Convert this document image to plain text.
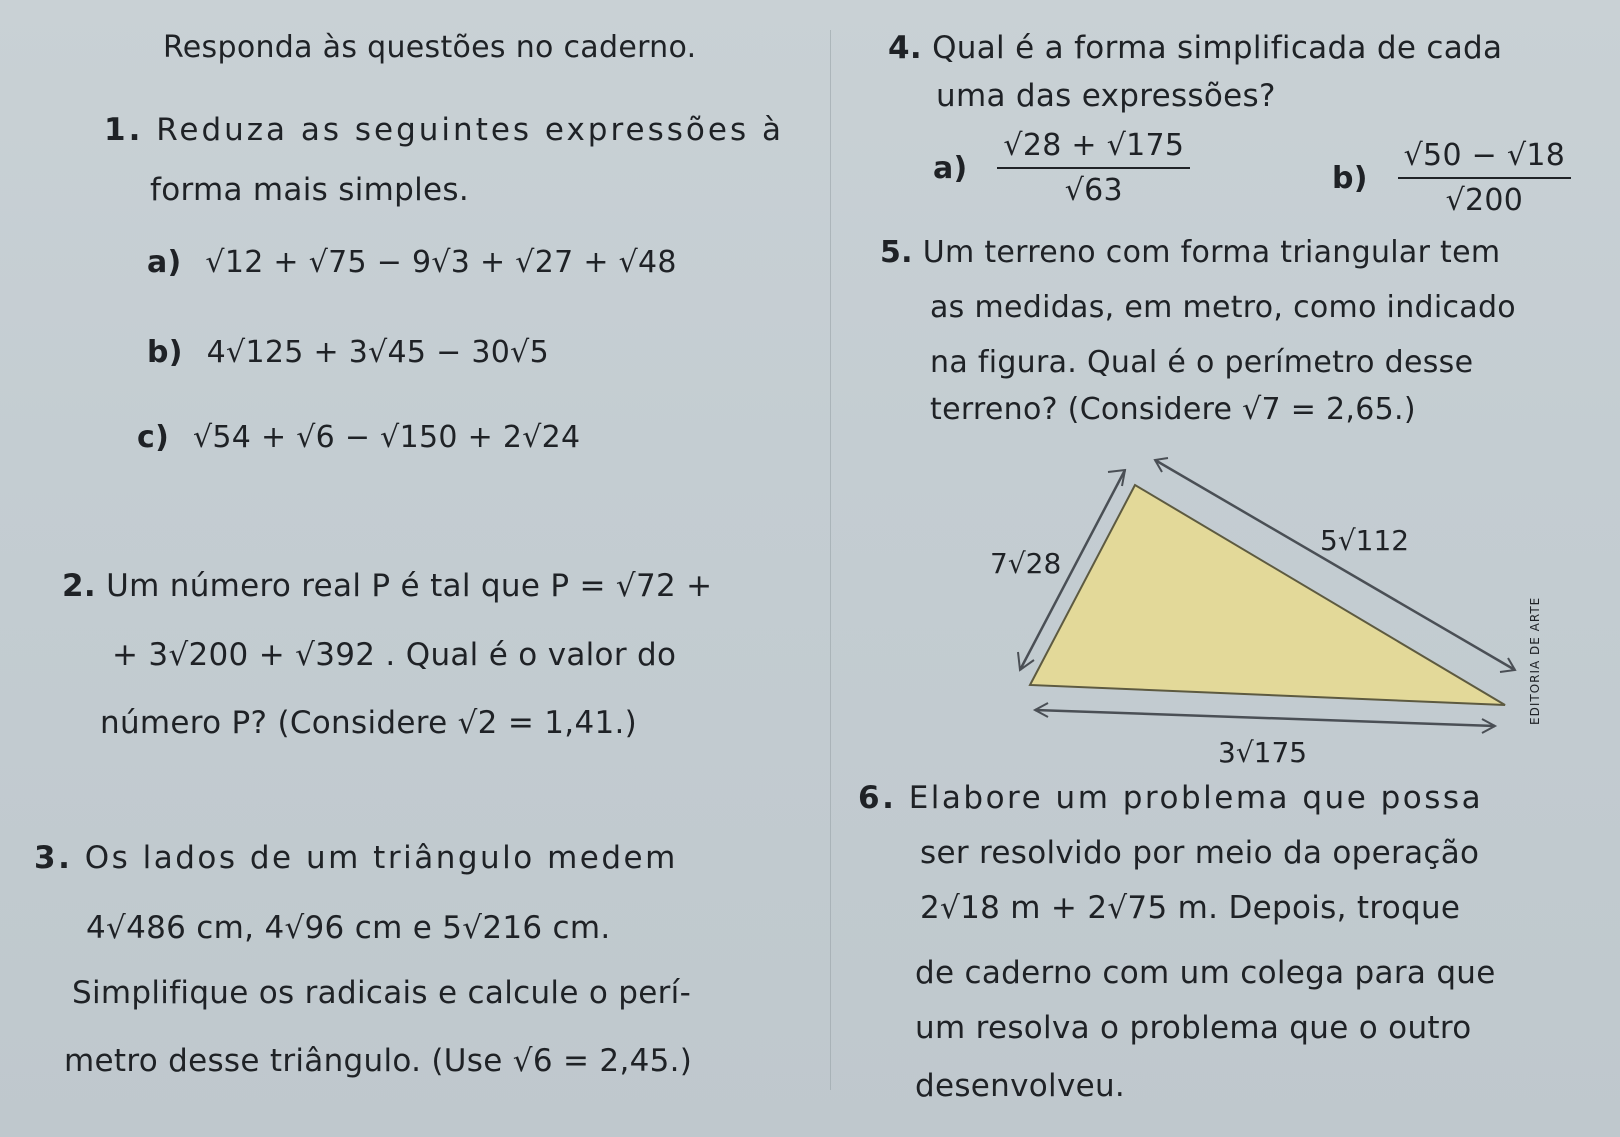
Responda às questões no caderno.
1. Reduza as seguintes expressões à
forma mais simples.
a) √12 + √75 − 9√3 + √27 + √48
b) 4√125 + 3√45 − 30√5
c) √54 + √6 − √150 + 2√24
2. Um número real P é tal que P = √72 +
+ 3√200 + √392 . Qual é o valor do
número P? (Considere √2 = 1,41.)
3. Os lados de um triângulo medem
4√486 cm, 4√96 cm e 5√216 cm.
Simplifique os radicais e calcule o perí-
metro desse triângulo. (Use √6 = 2,45.)
4. Qual é a forma simplificada de cada
uma das expressões?
$a) \frac{√28 + √175}{√63}$	$b) \frac{√50 - √18}{√200}$
5. Um terreno com forma triangular tem
as medidas, em metro, como indicado
na figura. Qual é o perímetro desse
terreno? (Considere √7 = 2,65.)
7√28
5√112
3√175
EDITORIA DE ARTE
6. Elabore um problema que possa
ser resolvido por meio da operação
2√18 m + 2√75 m. Depois, troque
de caderno com um colega para que
um resolva o problema que o outro
desenvolveu.
